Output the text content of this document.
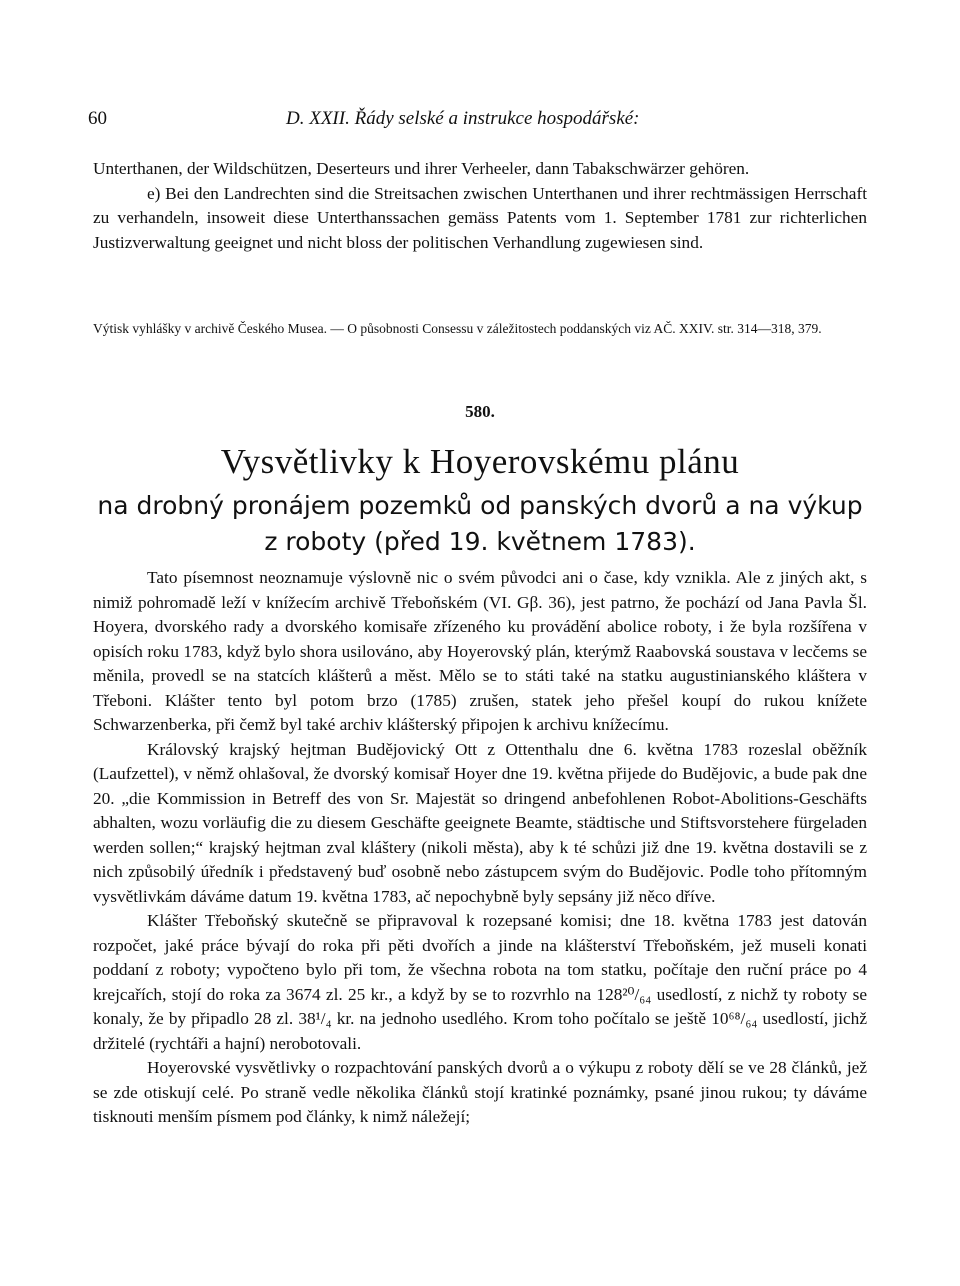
60	D. XXII. Řády selské a instrukce hospodářské:

Unterthanen, der Wildschützen, Deserteurs und ihrer Verheeler, dann Tabakschwärzer gehören.

e) Bei den Landrechten sind die Streitsachen zwischen Unterthanen und ihrer rechtmässigen Herrschaft zu verhandeln, insoweit diese Unterthanssachen gemäss Patents vom 1. September 1781 zur richterlichen Justizverwaltung geeignet und nicht bloss der politischen Verhandlung zugewiesen sind.

Výtisk vyhlášky v archivě Českého Musea. — O působnosti Consessu v záležitostech poddanských viz AČ. XXIV. str. 314—318, 379.
580.
Vysvětlivky k Hoyerovskému plánu
na drobný pronájem pozemků od panských dvorů a na výkup z roboty (před 19. květnem 1783).

Tato písemnost neoznamuje výslovně nic o svém původci ani o čase, kdy vznikla. Ale z jiných akt, s nimiž pohromadě leží v knížecím archivě Třeboňském (VI. Gβ. 36), jest patrno, že pochází od Jana Pavla Šl. Hoyera, dvorského rady a dvorského komisaře zřízeného ku provádění abolice roboty, i že byla rozšířena v opisích roku 1783, když bylo shora usilováno, aby Hoyerovský plán, kterýmž Raabovská soustava v lecčems se měnila, provedl se na statcích klášterů a měst. Mělo se to státi také na statku augustinianského kláštera v Třeboni. Klášter tento byl potom brzo (1785) zrušen, statek jeho přešel koupí do rukou knížete Schwarzenberka, při čemž byl také archiv klášterský připojen k archivu knížecímu.

Královský krajský hejtman Budějovický Ott z Ottenthalu dne 6. května 1783 rozeslal oběžník (Laufzettel), v němž ohlašoval, že dvorský komisař Hoyer dne 19. května přijede do Budějovic, a bude pak dne 20. „die Kommission in Betreff des von Sr. Majestät so dringend anbefohlenen Robot-Abolitions-Geschäfts abhalten, wozu vorläufig die zu diesem Geschäfte geeignete Beamte, städtische und Stiftsvorstehere fürgeladen werden sollen;“ krajský hejtman zval kláštery (nikoli města), aby k té schůzi již dne 19. května dostavili se z nich způsobilý úředník i představený buď osobně nebo zástupcem svým do Budějovic. Podle toho přítomným vysvětlivkám dáváme datum 19. května 1783, ač nepochybně byly sepsány již něco dříve.

Klášter Třeboňský skutečně se připravoval k rozepsané komisi; dne 18. května 1783 jest datován rozpočet, jaké práce bývají do roka při pěti dvořích a jinde na klášterství Třeboňském, jež museli konati poddaní z roboty; vypočteno bylo při tom, že všechna robota na tom statku, počítaje den ruční práce po 4 krejcařích, stojí do roka za 3674 zl. 25 kr., a když by se to rozvrhlo na 128²⁰/₆₄ usedlostí, z nichž ty roboty se konaly, že by připadlo 28 zl. 38¹/₄ kr. na jednoho usedlého. Krom toho počítalo se ještě 10⁶⁸/₆₄ usedlostí, jichž držitelé (rychtáři a hajní) nerobotovali.

Hoyerovské vysvětlivky o rozpachtování panských dvorů a o výkupu z roboty dělí se ve 28 článků, jež se zde otiskují celé. Po straně vedle několika článků stojí kratinké poznámky, psané jinou rukou; ty dáváme tisknouti menším písmem pod články, k nimž náležejí;
